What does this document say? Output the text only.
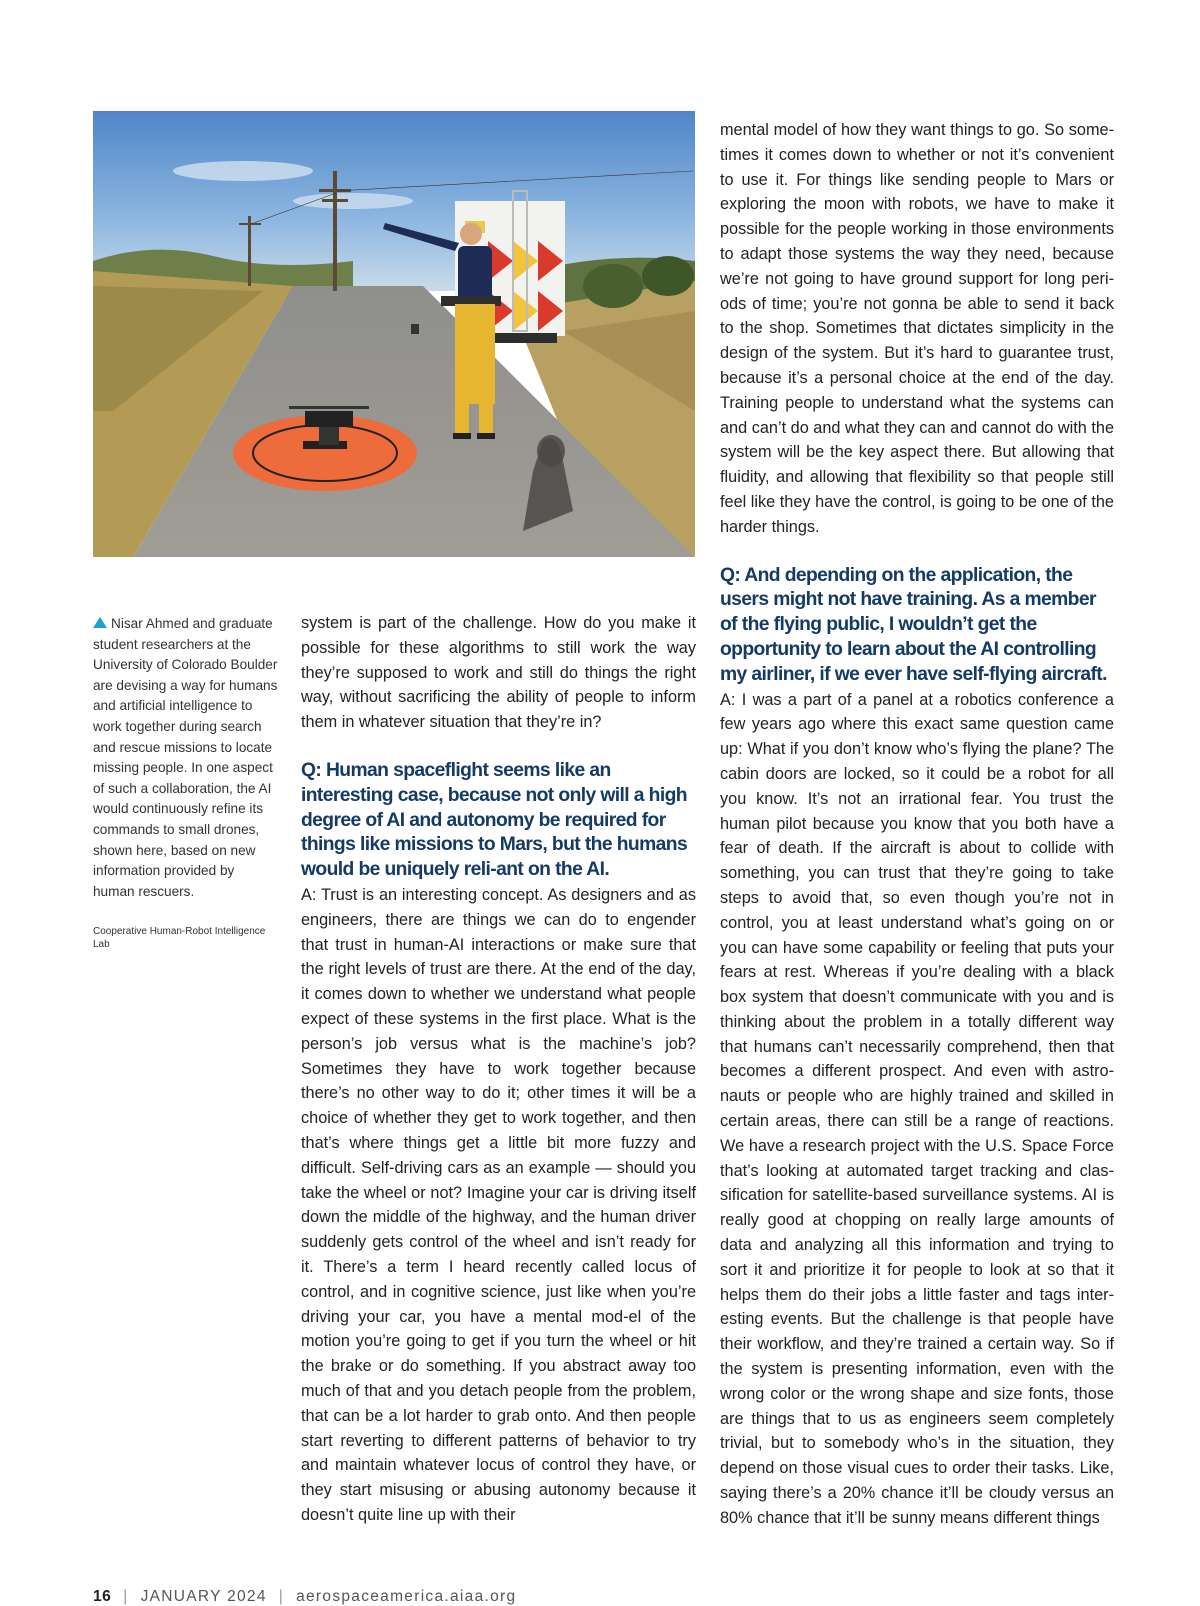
Nisar Ahmed and graduate student researchers at the University of Colorado Boulder are devising a way for humans and artificial intelligence to work together during search and rescue missions to locate missing people. In one aspect of such a collaboration, the AI would continuously refine its commands to small drones, shown here, based on new information provided by human rescuers.

Cooperative Human-Robot Intelligence Lab

system is part of the challenge. How do you make it possible for these algorithms to still work the way they’re supposed to work and still do things the right way, without sacrificing the ability of people to inform them in whatever situation that they’re in?

Q: Human spaceflight seems like an interesting case, because not only will a high degree of AI and autonomy be required for things like missions to Mars, but the humans would be uniquely reli-ant on the AI.

A: Trust is an interesting concept. As designers and as engineers, there are things we can do to engender that trust in human-AI interactions or make sure that the right levels of trust are there. At the end of the day, it comes down to whether we understand what people expect of these systems in the first place. What is the person’s job versus what is the machine’s job? Sometimes they have to work together because there’s no other way to do it; other times it will be a choice of whether they get to work together, and then that’s where things get a little bit more fuzzy and difficult. Self-driving cars as an example — should you take the wheel or not? Imagine your car is driving itself down the middle of the highway, and the human driver suddenly gets control of the wheel and isn’t ready for it. There’s a term I heard recently called locus of control, and in cognitive science, just like when you’re driving your car, you have a mental mod-el of the motion you’re going to get if you turn the wheel or hit the brake or do something. If you abstract away too much of that and you detach people from the problem, that can be a lot harder to grab onto. And then people start reverting to different patterns of behavior to try and maintain whatever locus of control they have, or they start misusing or abusing autonomy because it doesn’t quite line up with their

mental model of how they want things to go. So some-times it comes down to whether or not it’s convenient to use it. For things like sending people to Mars or exploring the moon with robots, we have to make it possible for the people working in those environments to adapt those systems the way they need, because we’re not going to have ground support for long peri-ods of time; you’re not gonna be able to send it back to the shop. Sometimes that dictates simplicity in the design of the system. But it’s hard to guarantee trust, because it’s a personal choice at the end of the day. Training people to understand what the systems can and can’t do and what they can and cannot do with the system will be the key aspect there. But allowing that fluidity, and allowing that flexibility so that people still feel like they have the control, is going to be one of the harder things.

Q: And depending on the application, the users might not have training. As a member of the flying public, I wouldn’t get the opportunity to learn about the AI controlling my airliner, if we ever have self-flying aircraft.

A: I was a part of a panel at a robotics conference a few years ago where this exact same question came up: What if you don’t know who’s flying the plane? The cabin doors are locked, so it could be a robot for all you know. It’s not an irrational fear. You trust the human pilot because you know that you both have a fear of death. If the aircraft is about to collide with something, you can trust that they’re going to take steps to avoid that, so even though you’re not in control, you at least understand what’s going on or you can have some capability or feeling that puts your fears at rest. Whereas if you’re dealing with a black box system that doesn’t communicate with you and is thinking about the problem in a totally different way that humans can’t necessarily comprehend, then that becomes a different prospect. And even with astro-nauts or people who are highly trained and skilled in certain areas, there can still be a range of reactions. We have a research project with the U.S. Space Force that’s looking at automated target tracking and clas-sification for satellite-based surveillance systems. AI is really good at chopping on really large amounts of data and analyzing all this information and trying to sort it and prioritize it for people to look at so that it helps them do their jobs a little faster and tags inter-esting events. But the challenge is that people have their workflow, and they’re trained a certain way. So if the system is presenting information, even with the wrong color or the wrong shape and size fonts, those are things that to us as engineers seem completely trivial, but to somebody who’s in the situation, they depend on those visual cues to order their tasks. Like, saying there’s a 20% chance it’ll be cloudy versus an 80% chance that it’ll be sunny means different things

16 | JANUARY 2024 | aerospaceamerica.aiaa.org
